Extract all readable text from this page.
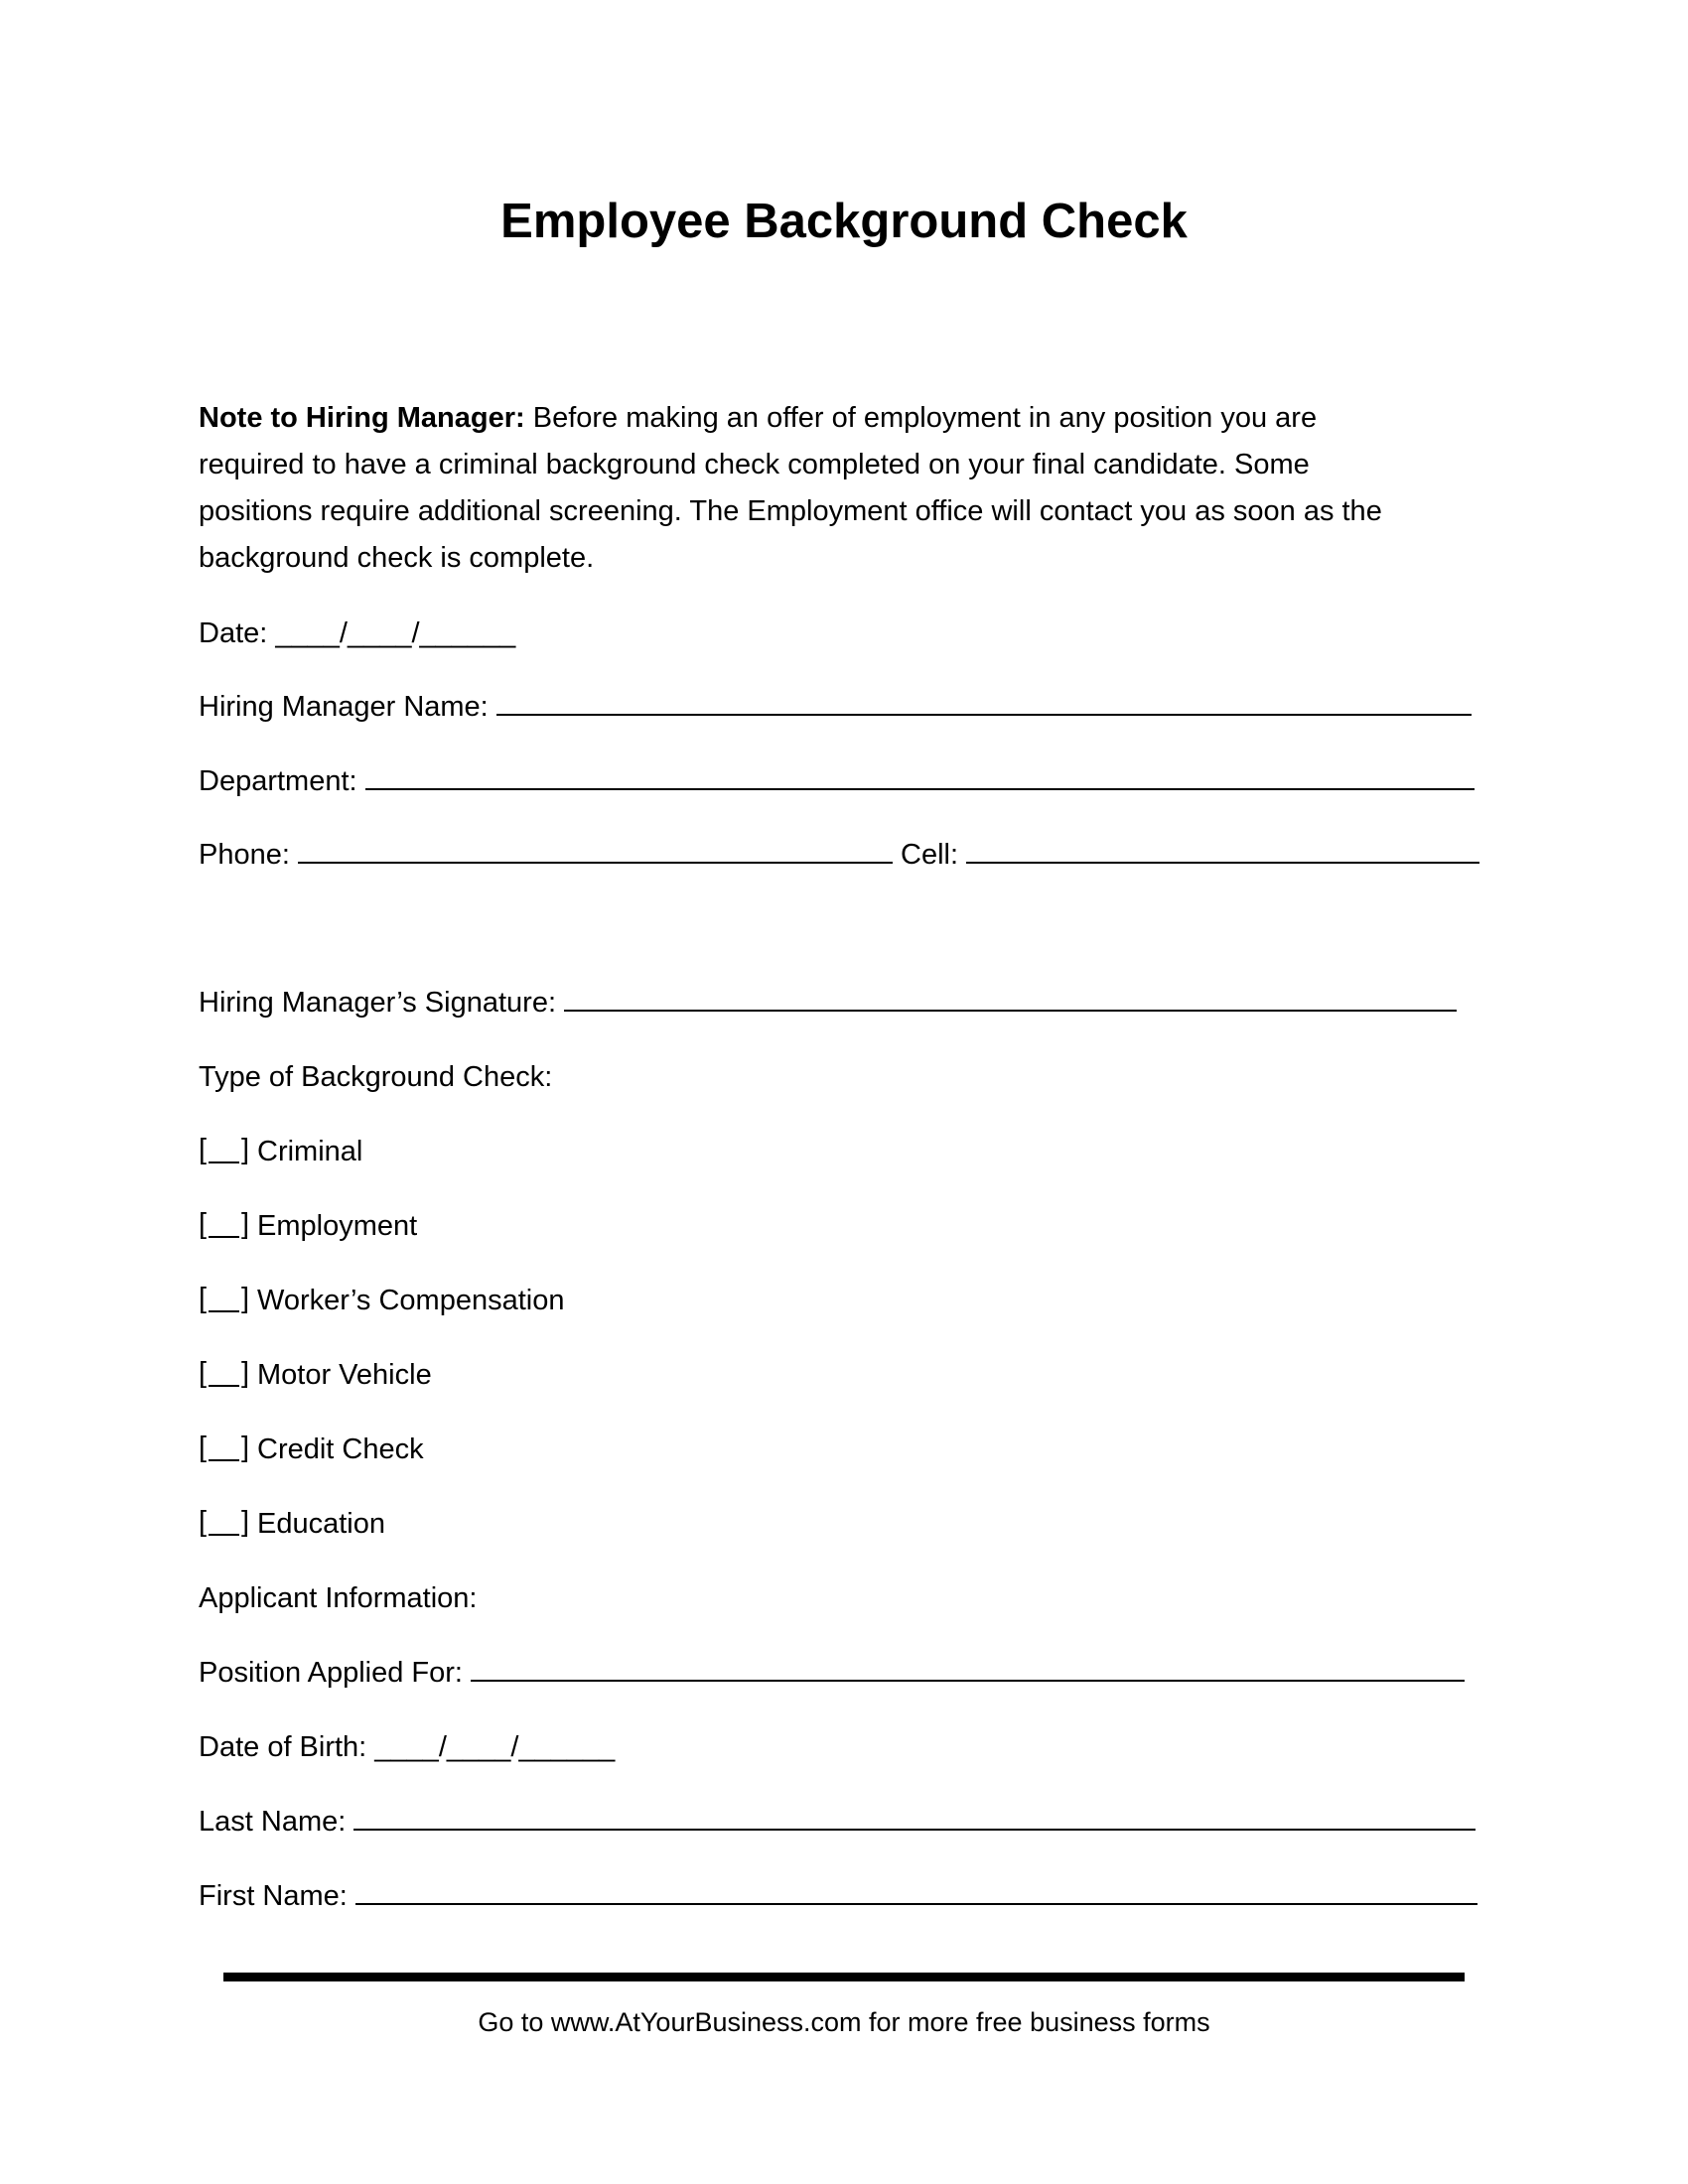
Employee Background Check
Note to Hiring Manager: Before making an offer of employment in any position you are
required to have a criminal background check completed on your final candidate. Some
positions require additional screening. The Employment office will contact you as soon as the
background check is complete.
Date: ____/____/______
Hiring Manager Name:
Department:
Phone:	Cell:
Hiring Manager’s Signature:
Type of Background Check:
[ ] Criminal
[ ] Employment
[ ] Worker’s Compensation
[ ] Motor Vehicle
[ ] Credit Check
[ ] Education
Applicant Information:
Position Applied For:
Date of Birth: ____/____/______
Last Name:
First Name:
Go to www.AtYourBusiness.com for more free business forms
